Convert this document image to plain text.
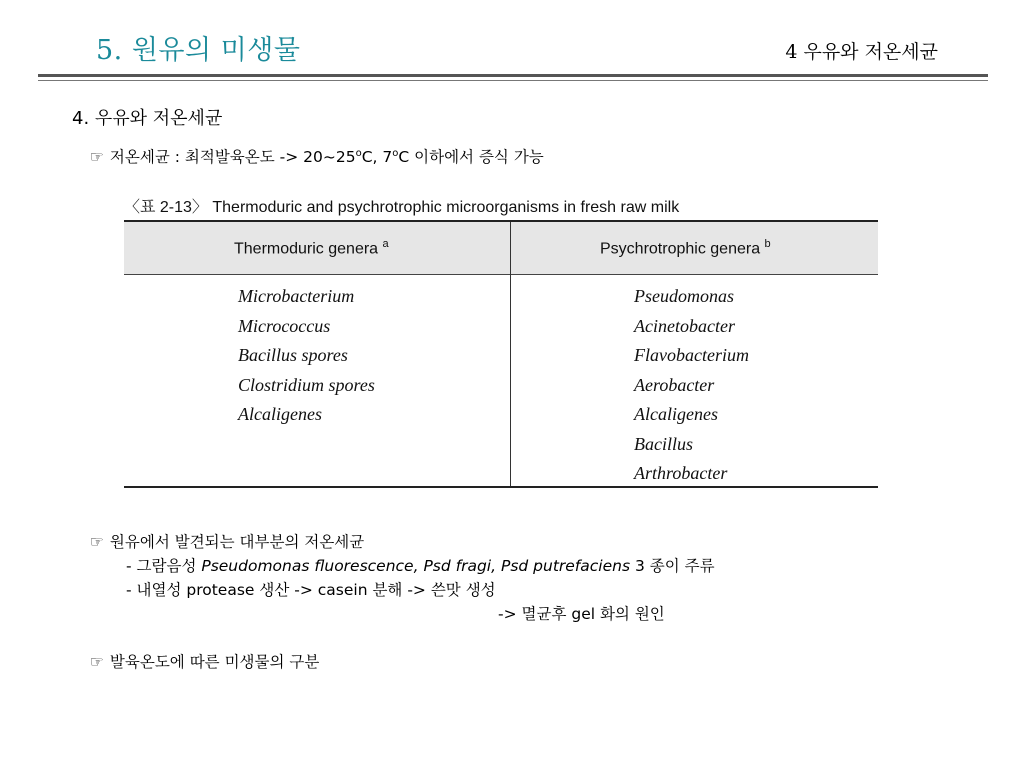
5. 원유의 미생물	4 우유와 저온세균
4. 우유와 저온세균
☞ 저온세균 : 최적발육온도 -> $20\sim 25^oC$, 7$^o$C 이하에서 증식 가능
〈표 2-13〉 Thermoduric and psychrotrophic microorganisms in fresh raw milk
Thermoduric genera $^a$	Psychrotrophic genera $^b$
Microbacterium
Micrococcus
Bacillus spores
Clostridium spores
Alcaligenes
Pseudomonas
Acinetobacter
Flavobacterium
Aerobacter
Alcaligenes
Bacillus
Arthrobacter
☞ 원유에서 발견되는 대부분의 저온세균
- 그람음성 Pseudomonas fluorescence, Psd fragi, Psd putrefaciens 3 종이 주류
- 내열성 protease 생산 -> casein 분해 -> 쓴맛 생성
-> 멸균후 gel 화의 원인
☞ 발육온도에 따른 미생물의 구분
